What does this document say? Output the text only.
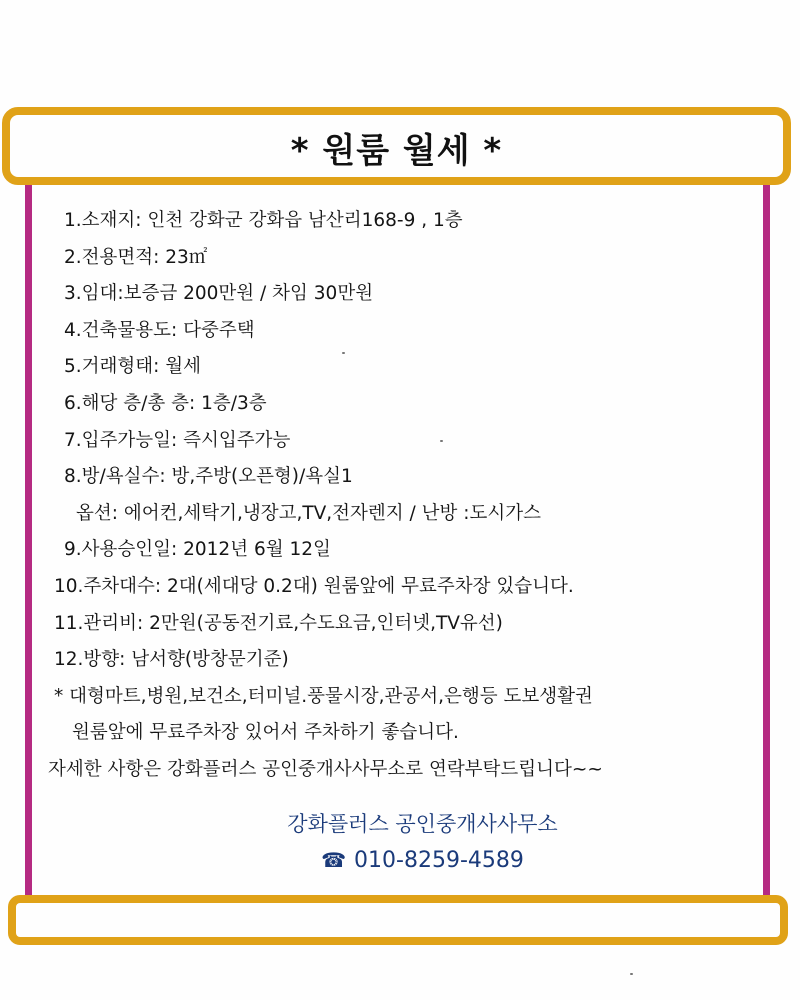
* 원룸 월세 *
1.소재지: 인천 강화군 강화읍 남산리168-9 , 1층
2.전용면적: 23㎡
3.임대:보증금 200만원 / 차임 30만원
4.건축물용도: 다중주택
5.거래형태: 월세
6.해당 층/총 층: 1층/3층
7.입주가능일: 즉시입주가능
8.방/욕실수: 방,주방(오픈형)/욕실1
옵션: 에어컨,세탁기,냉장고,TV,전자렌지 / 난방 :도시가스
9.사용승인일: 2012년 6월 12일
10.주차대수: 2대(세대당 0.2대) 원룸앞에 무료주차장 있습니다.
11.관리비: 2만원(공동전기료,수도요금,인터넷,TV유선)
12.방향: 남서향(방창문기준)
* 대형마트,병원,보건소,터미널.풍물시장,관공서,은행등 도보생활권
원룸앞에 무료주차장 있어서 주차하기 좋습니다.
자세한 사항은 강화플러스 공인중개사사무소로 연락부탁드립니다~~
강화플러스 공인중개사사무소
☎ 010-8259-4589
